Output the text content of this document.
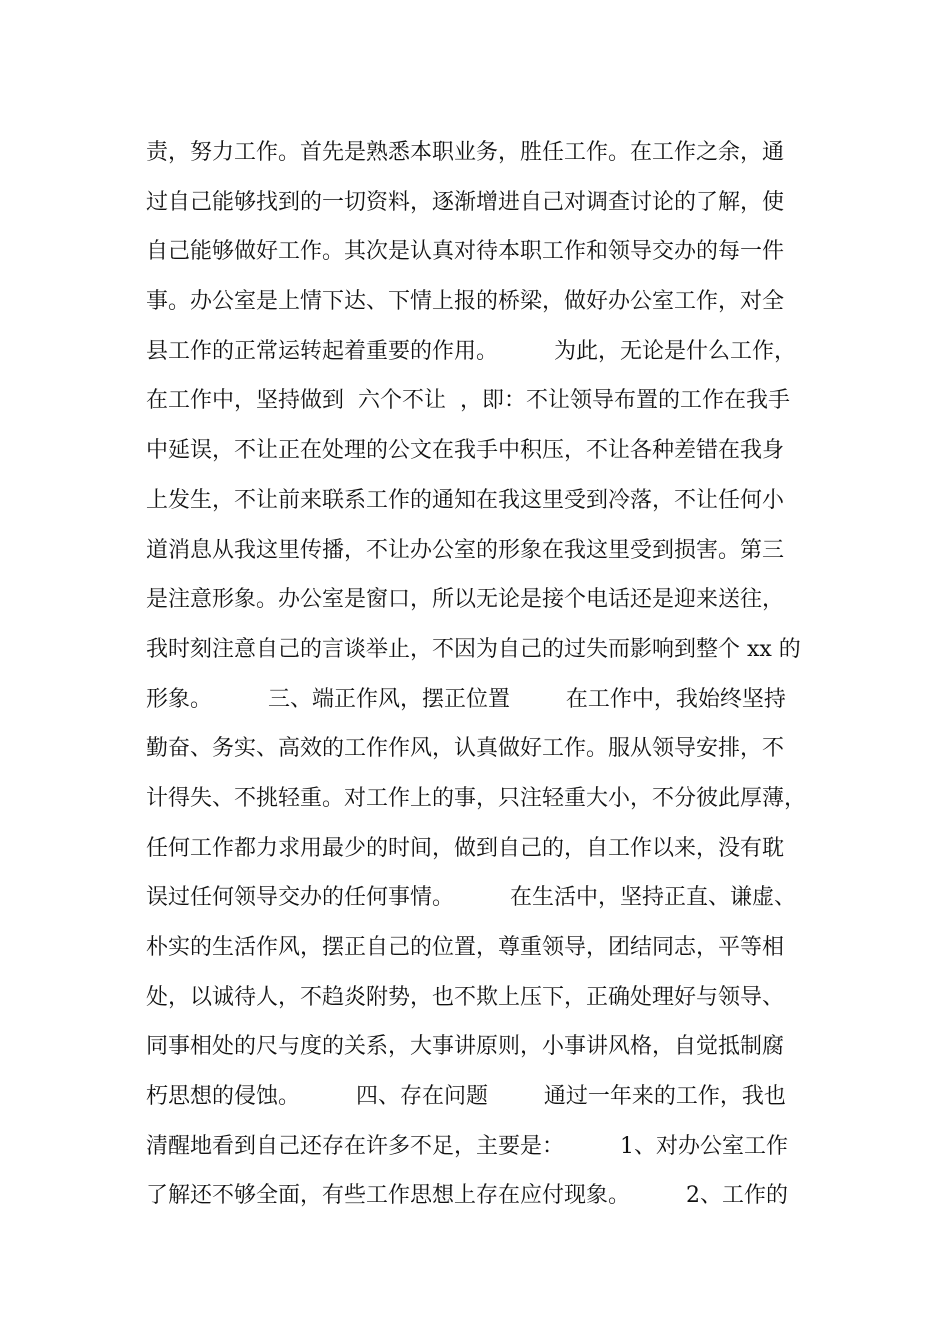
责，努力工作。首先是熟悉本职业务，胜任工作。在工作之余，通
过自己能够找到的一切资料，逐渐增进自己对调查讨论的了解，使
自己能够做好工作。其次是认真对待本职工作和领导交办的每一件
事。办公室是上情下达、下情上报的桥梁，做好办公室工作，对全
县工作的正常运转起着重要的作用。        为此，无论是什么工作，
在工作中，坚持做到  六个不让  ，即：不让领导布置的工作在我手
中延误，不让正在处理的公文在我手中积压，不让各种差错在我身
上发生，不让前来联系工作的通知在我这里受到冷落，不让任何小
道消息从我这里传播，不让办公室的形象在我这里受到损害。第三
是注意形象。办公室是窗口，所以无论是接个电话还是迎来送往，
我时刻注意自己的言谈举止，不因为自己的过失而影响到整个 xx 的
形象。        三、端正作风，摆正位置        在工作中，我始终坚持
勤奋、务实、高效的工作作风，认真做好工作。服从领导安排，不
计得失、不挑轻重。对工作上的事，只注轻重大小，不分彼此厚薄，
任何工作都力求用最少的时间，做到自己的，自工作以来，没有耽
误过任何领导交办的任何事情。        在生活中，坚持正直、谦虚、
朴实的生活作风，摆正自己的位置，尊重领导，团结同志，平等相
处，以诚待人，不趋炎附势，也不欺上压下，正确处理好与领导、
同事相处的尺与度的关系，大事讲原则，小事讲风格，自觉抵制腐
朽思想的侵蚀。        四、存在问题        通过一年来的工作，我也
清醒地看到自己还存在许多不足，主要是：        1、对办公室工作
了解还不够全面，有些工作思想上存在应付现象。        2、工作的
